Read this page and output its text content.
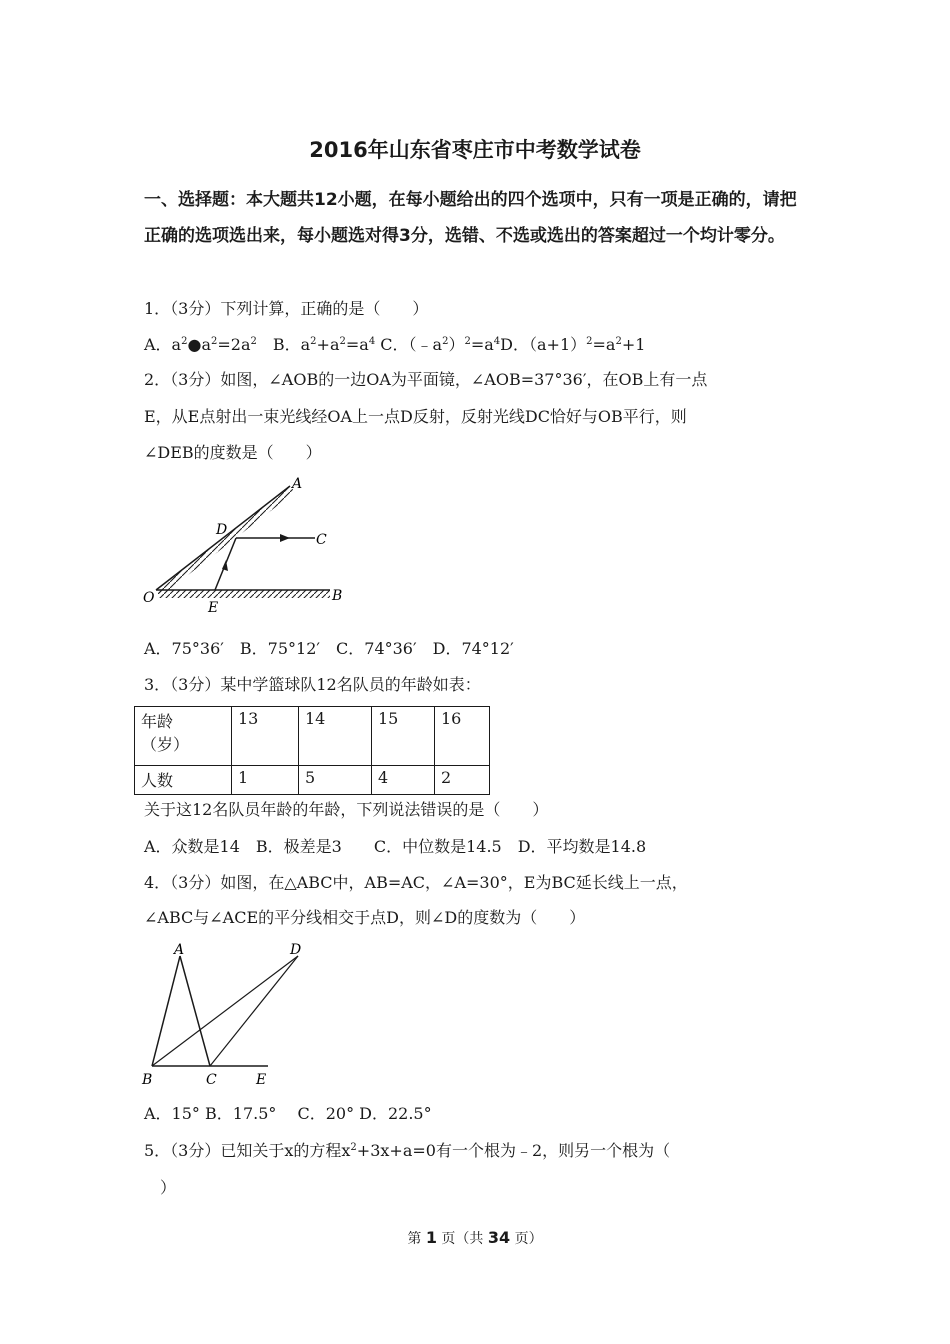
2016年山东省枣庄市中考数学试卷

一、选择题：本大题共12小题，在每小题给出的四个选项中，只有一项是正确的，请把正确的选项选出来，每小题选对得3分，选错、不选或选出的答案超过一个均计零分。

1．（3分）下列计算，正确的是（　　）
A．$a^2●a^2=2a^2$　B．$a^2+a^2=a^4$ C．$(﹣a^2)^2=a^4D$．$(a+1)^2=a^2+1$
2．（3分）如图，∠AOB的一边OA为平面镜，∠AOB=37°36′，在OB上有一点
E，从E点射出一束光线经OA上一点D反射，反射光线DC恰好与OB平行，则
∠DEB的度数是（　　）
A
D
C
O
E
B
A．75°36′　B．75°12′　C．74°36′　D．74°12′
3．（3分）某中学篮球队12名队员的年龄如表：
年龄
（岁）	13	14	15	16
人数	1	5	4	2
关于这12名队员年龄的年龄，下列说法错误的是（　　）
A．众数是14　B．极差是3　　C．中位数是14.5　D．平均数是14.8
4．（3分）如图，在△ABC中，AB=AC，∠A=30°，E为BC延长线上一点，
∠ABC与∠ACE的平分线相交于点D，则∠D的度数为（　　）
A	D
B	C	E
A．15° B．17.5°　 C．20° D．22.5°
5．（3分）已知关于x的方程$x^2+3x+a=0$有一个根为﹣2，则另一个根为（
　）
第 1 页（共 34 页）
